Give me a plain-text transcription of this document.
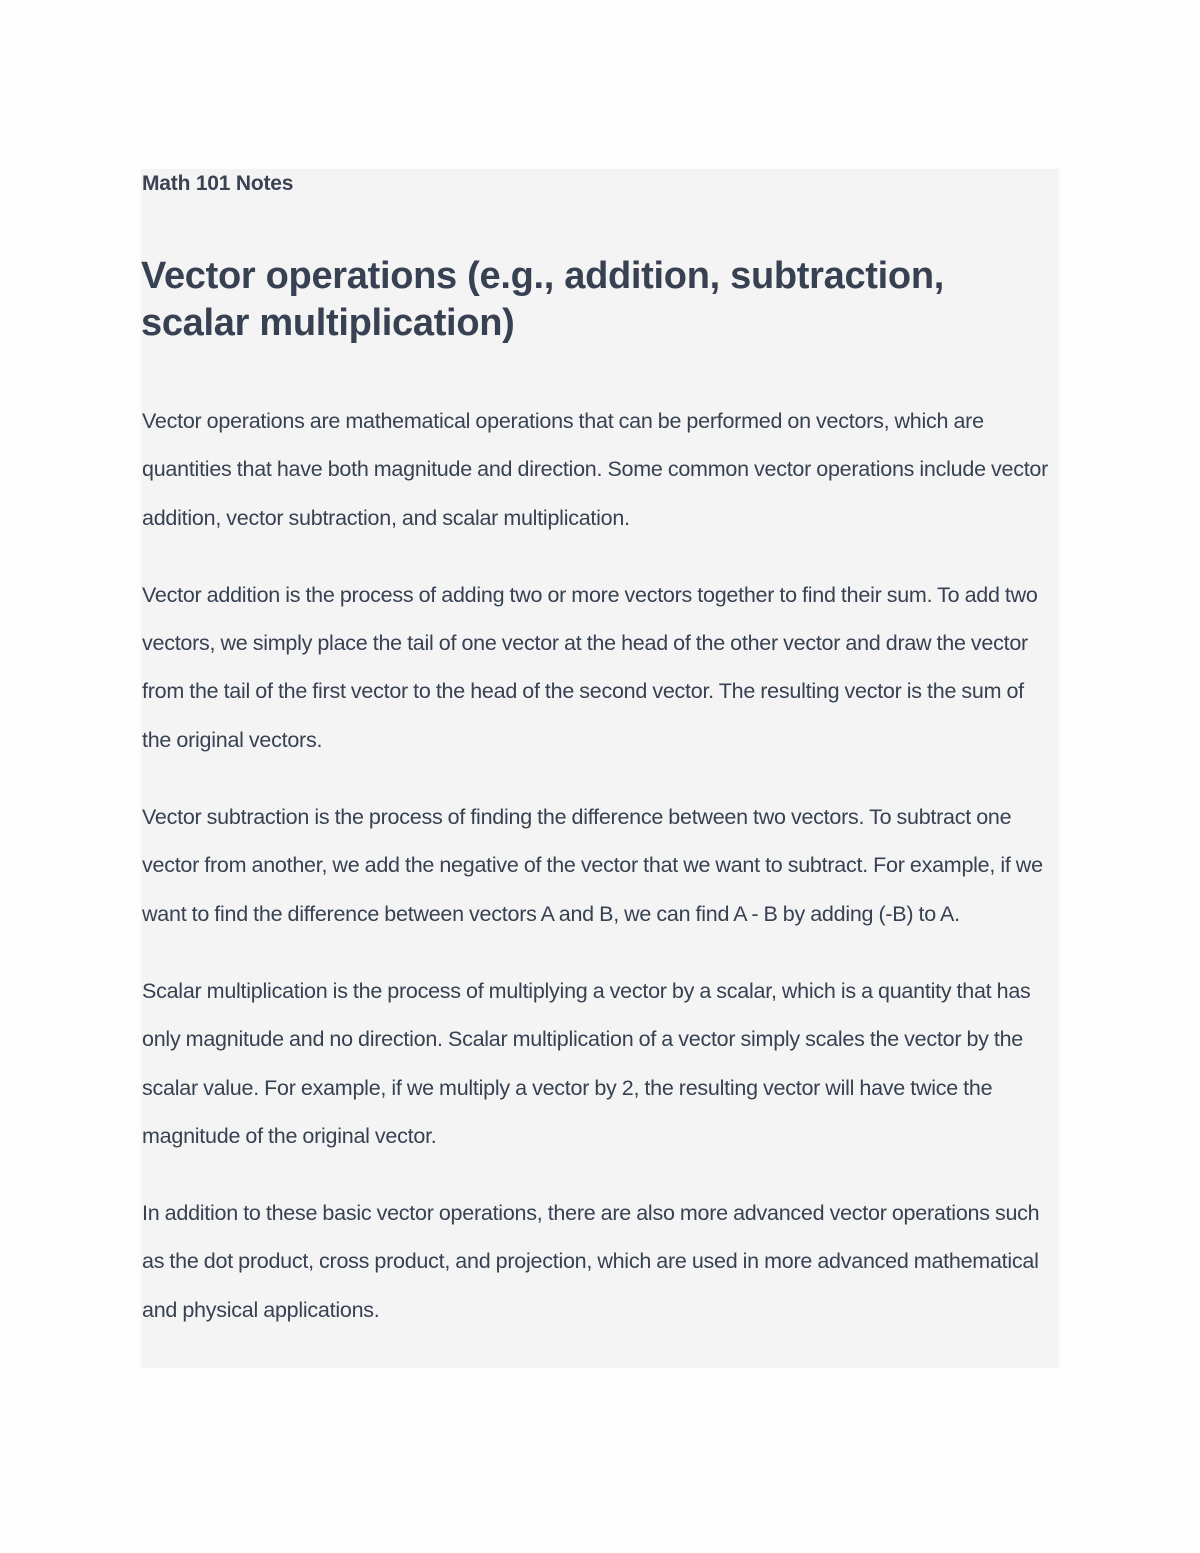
Math 101 Notes
Vector operations (e.g., addition, subtraction, scalar multiplication)

Vector operations are mathematical operations that can be performed on vectors, which are quantities that have both magnitude and direction. Some common vector operations include vector addition, vector subtraction, and scalar multiplication.

Vector addition is the process of adding two or more vectors together to find their sum. To add two vectors, we simply place the tail of one vector at the head of the other vector and draw the vector from the tail of the first vector to the head of the second vector. The resulting vector is the sum of the original vectors.

Vector subtraction is the process of finding the difference between two vectors. To subtract one vector from another, we add the negative of the vector that we want to subtract. For example, if we want to find the difference between vectors A and B, we can find A - B by adding (-B) to A.

Scalar multiplication is the process of multiplying a vector by a scalar, which is a quantity that has only magnitude and no direction. Scalar multiplication of a vector simply scales the vector by the scalar value. For example, if we multiply a vector by 2, the resulting vector will have twice the magnitude of the original vector.

In addition to these basic vector operations, there are also more advanced vector operations such as the dot product, cross product, and projection, which are used in more advanced mathematical and physical applications.
